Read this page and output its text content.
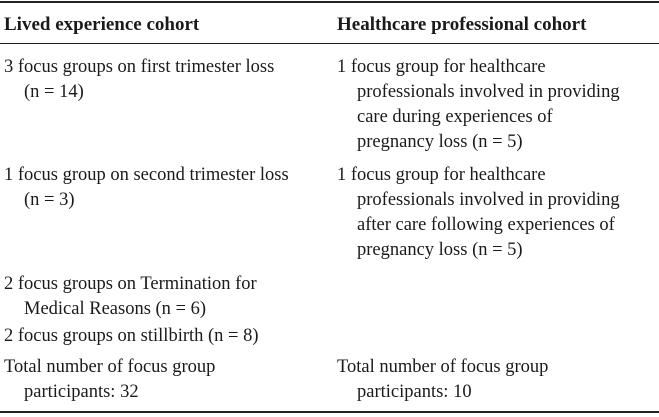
Lived experience cohort	Healthcare professional cohort
3 focus groups on first trimester loss
(n = 14)
1 focus group for healthcare
professionals involved in providing
care during experiences of
pregnancy loss (n = 5)
1 focus group on second trimester loss
(n = 3)
1 focus group for healthcare
professionals involved in providing
after care following experiences of
pregnancy loss (n = 5)
2 focus groups on Termination for
Medical Reasons (n = 6)
2 focus groups on stillbirth (n = 8)
Total number of focus group
participants: 32
Total number of focus group
participants: 10
